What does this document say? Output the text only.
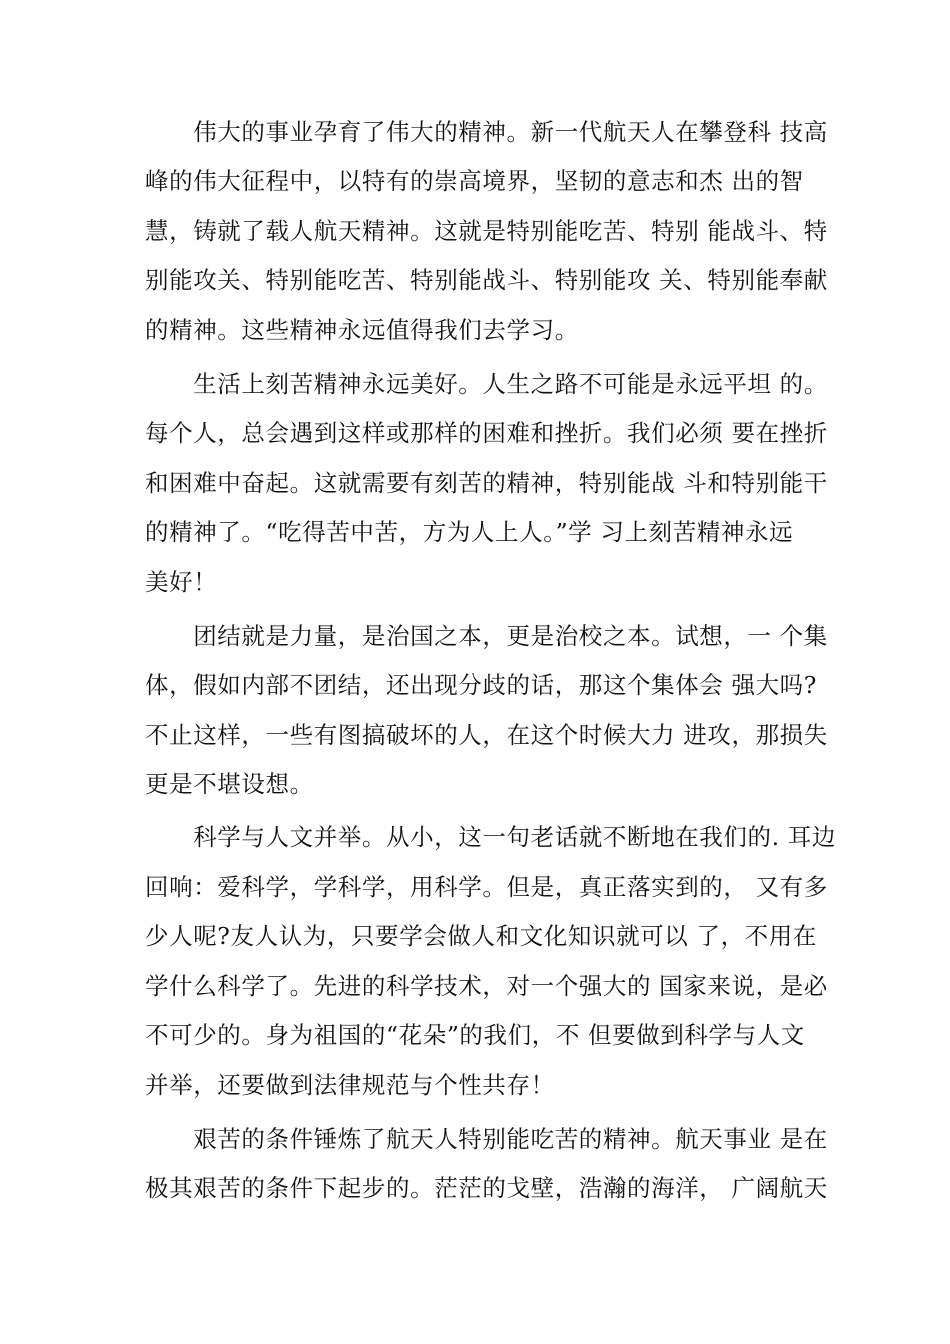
　　伟大的事业孕育了伟大的精神。新一代航天人在攀登科 技高
峰的伟大征程中，以特有的崇高境界，坚韧的意志和杰 出的智
慧，铸就了载人航天精神。这就是特别能吃苦、特别 能战斗、特
别能攻关、特别能吃苦、特别能战斗、特别能攻 关、特别能奉献
的精神。这些精神永远值得我们去学习。
　　生活上刻苦精神永远美好。人生之路不可能是永远平坦 的。
每个人，总会遇到这样或那样的困难和挫折。我们必须 要在挫折
和困难中奋起。这就需要有刻苦的精神，特别能战 斗和特别能干
的精神了。“吃得苦中苦，方为人上人。”学 习上刻苦精神永远
美好！
　　团结就是力量，是治国之本，更是治校之本。试想，一 个集
体，假如内部不团结，还出现分歧的话，那这个集体会 强大吗?
不止这样，一些有图搞破坏的人，在这个时候大力 进攻，那损失
更是不堪设想。
　　科学与人文并举。从小，这一句老话就不断地在我们的. 耳边
回响：爱科学，学科学，用科学。但是，真正落实到的， 又有多
少人呢?友人认为，只要学会做人和文化知识就可以 了，不用在
学什么科学了。先进的科学技术，对一个强大的 国家来说，是必
不可少的。身为祖国的“花朵”的我们，不 但要做到科学与人文
并举，还要做到法律规范与个性共存！
　　艰苦的条件锤炼了航天人特别能吃苦的精神。航天事业 是在
极其艰苦的条件下起步的。茫茫的戈壁，浩瀚的海洋， 广阔航天
